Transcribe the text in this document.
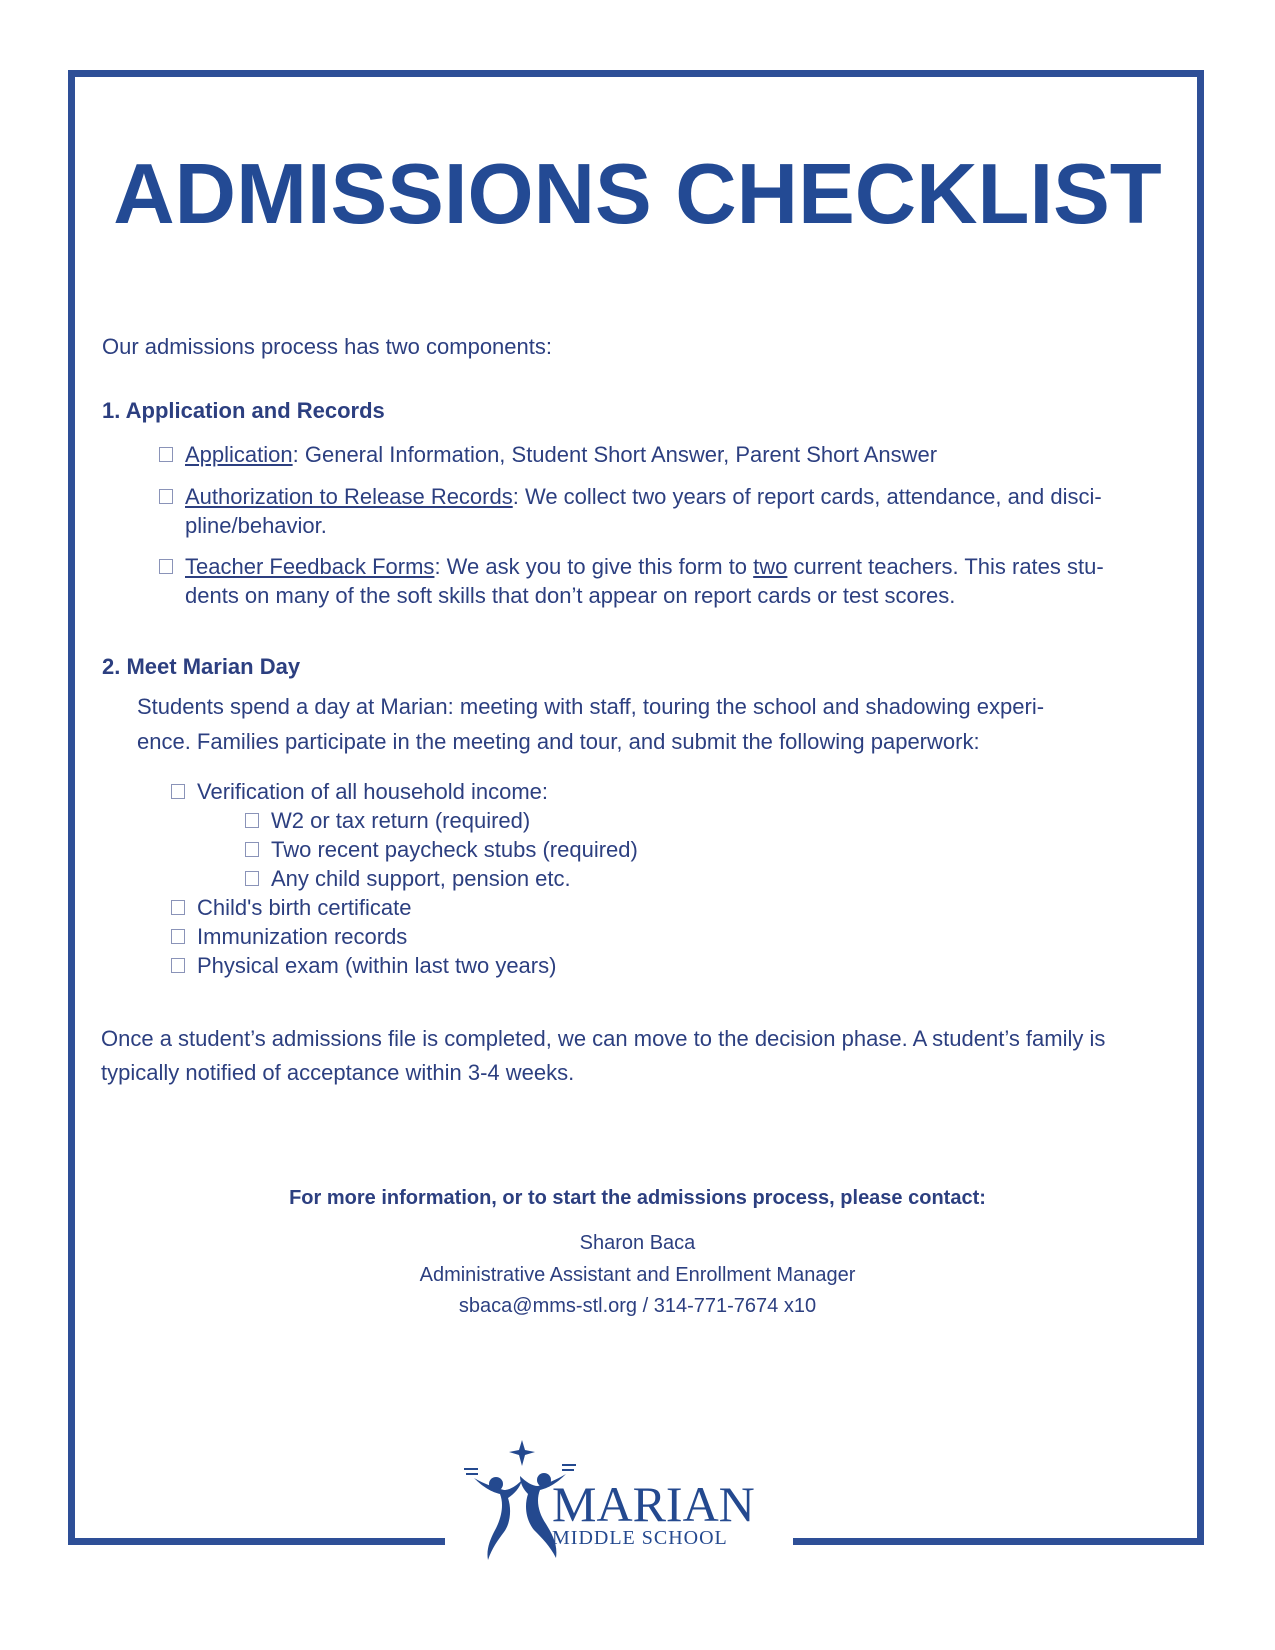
ADMISSIONS CHECKLIST
Our admissions process has two components:
1. Application and Records
Application: General Information, Student Short Answer, Parent Short Answer
Authorization to Release Records: We collect two years of report cards, attendance, and disci-
pline/behavior.
Teacher Feedback Forms: We ask you to give this form to two current teachers. This rates stu-
dents on many of the soft skills that don’t appear on report cards or test scores.
2. Meet Marian Day
Students spend a day at Marian: meeting with staff, touring the school and shadowing experi-
ence. Families participate in the meeting and tour, and submit the following paperwork:
Verification of all household income:
W2 or tax return (required)
Two recent paycheck stubs (required)
Any child support, pension etc.
Child's birth certificate
Immunization records
Physical exam (within last two years)
Once a student’s admissions file is completed, we can move to the decision phase. A student’s family is
typically notified of acceptance within 3-4 weeks.
For more information, or to start the admissions process, please contact:
Sharon Baca
Administrative Assistant and Enrollment Manager
sbaca@mms-stl.org / 314-771-7674 x10
MARIAN
MIDDLE SCHOOL
